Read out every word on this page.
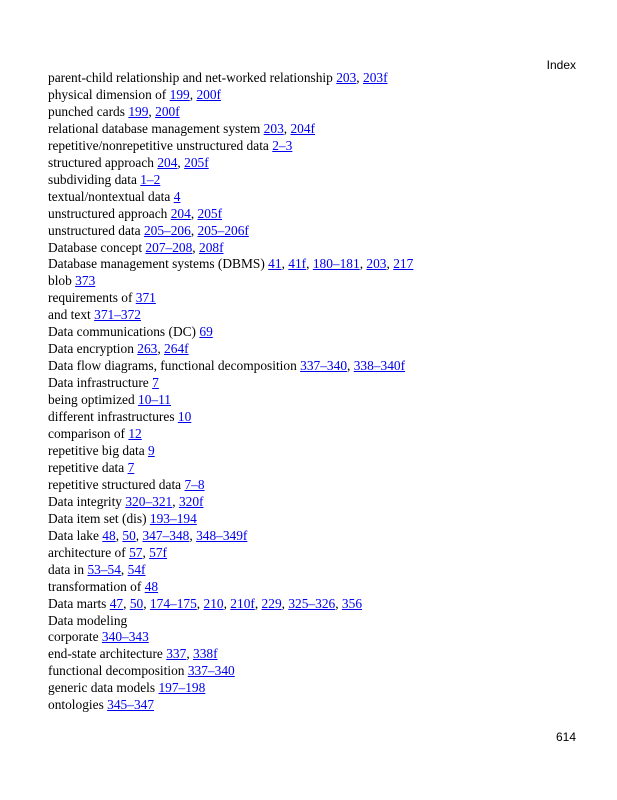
Index
parent-child relationship and net-worked relationship 203, 203f
physical dimension of 199, 200f
punched cards 199, 200f
relational database management system 203, 204f
repetitive/nonrepetitive unstructured data 2–3
structured approach 204, 205f
subdividing data 1–2
textual/nontextual data 4
unstructured approach 204, 205f
unstructured data 205–206, 205–206f
Database concept 207–208, 208f
Database management systems (DBMS) 41, 41f, 180–181, 203, 217
blob 373
requirements of 371
and text 371–372
Data communications (DC) 69
Data encryption 263, 264f
Data flow diagrams, functional decomposition 337–340, 338–340f
Data infrastructure 7
being optimized 10–11
different infrastructures 10
comparison of 12
repetitive big data 9
repetitive data 7
repetitive structured data 7–8
Data integrity 320–321, 320f
Data item set (dis) 193–194
Data lake 48, 50, 347–348, 348–349f
architecture of 57, 57f
data in 53–54, 54f
transformation of 48
Data marts 47, 50, 174–175, 210, 210f, 229, 325–326, 356
Data modeling
corporate 340–343
end-state architecture 337, 338f
functional decomposition 337–340
generic data models 197–198
ontologies 345–347
614
